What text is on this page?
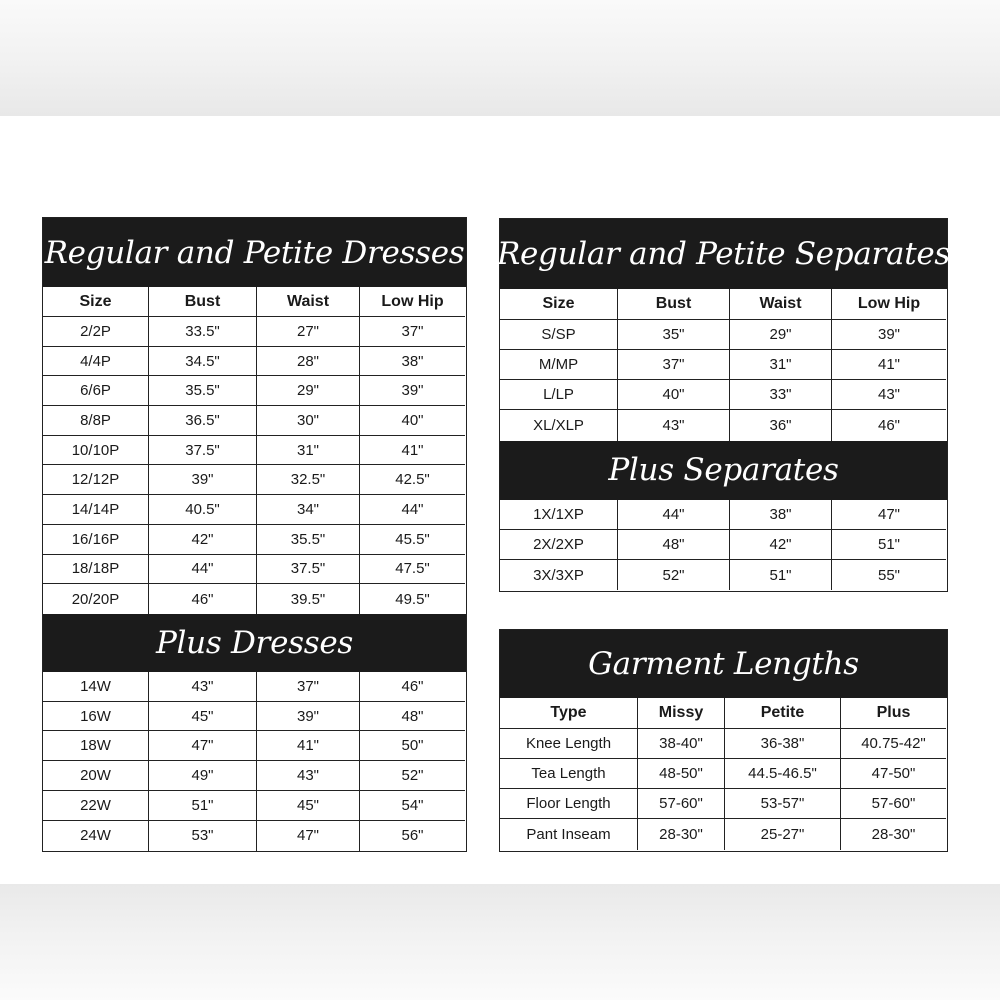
Regular and Petite Dresses
Size	Bust	Waist	Low Hip
2/2P	33.5"	27"	37"
4/4P	34.5"	28"	38"
6/6P	35.5"	29"	39"
8/8P	36.5"	30"	40"
10/10P	37.5"	31"	41"
12/12P	39"	32.5"	42.5"
14/14P	40.5"	34"	44"
16/16P	42"	35.5"	45.5"
18/18P	44"	37.5"	47.5"
20/20P	46"	39.5"	49.5"
Plus Dresses
14W	43"	37"	46"
16W	45"	39"	48"
18W	47"	41"	50"
20W	49"	43"	52"
22W	51"	45"	54"
24W	53"	47"	56"
Regular and Petite Separates
Size	Bust	Waist	Low Hip
S/SP	35"	29"	39"
M/MP	37"	31"	41"
L/LP	40"	33"	43"
XL/XLP	43"	36"	46"
Plus Separates
1X/1XP	44"	38"	47"
2X/2XP	48"	42"	51"
3X/3XP	52"	51"	55"
Garment Lengths
Type	Missy	Petite	Plus
Knee Length	38-40"	36-38"	40.75-42"
Tea Length	48-50"	44.5-46.5"	47-50"
Floor Length	57-60"	53-57"	57-60"
Pant Inseam	28-30"	25-27"	28-30"
